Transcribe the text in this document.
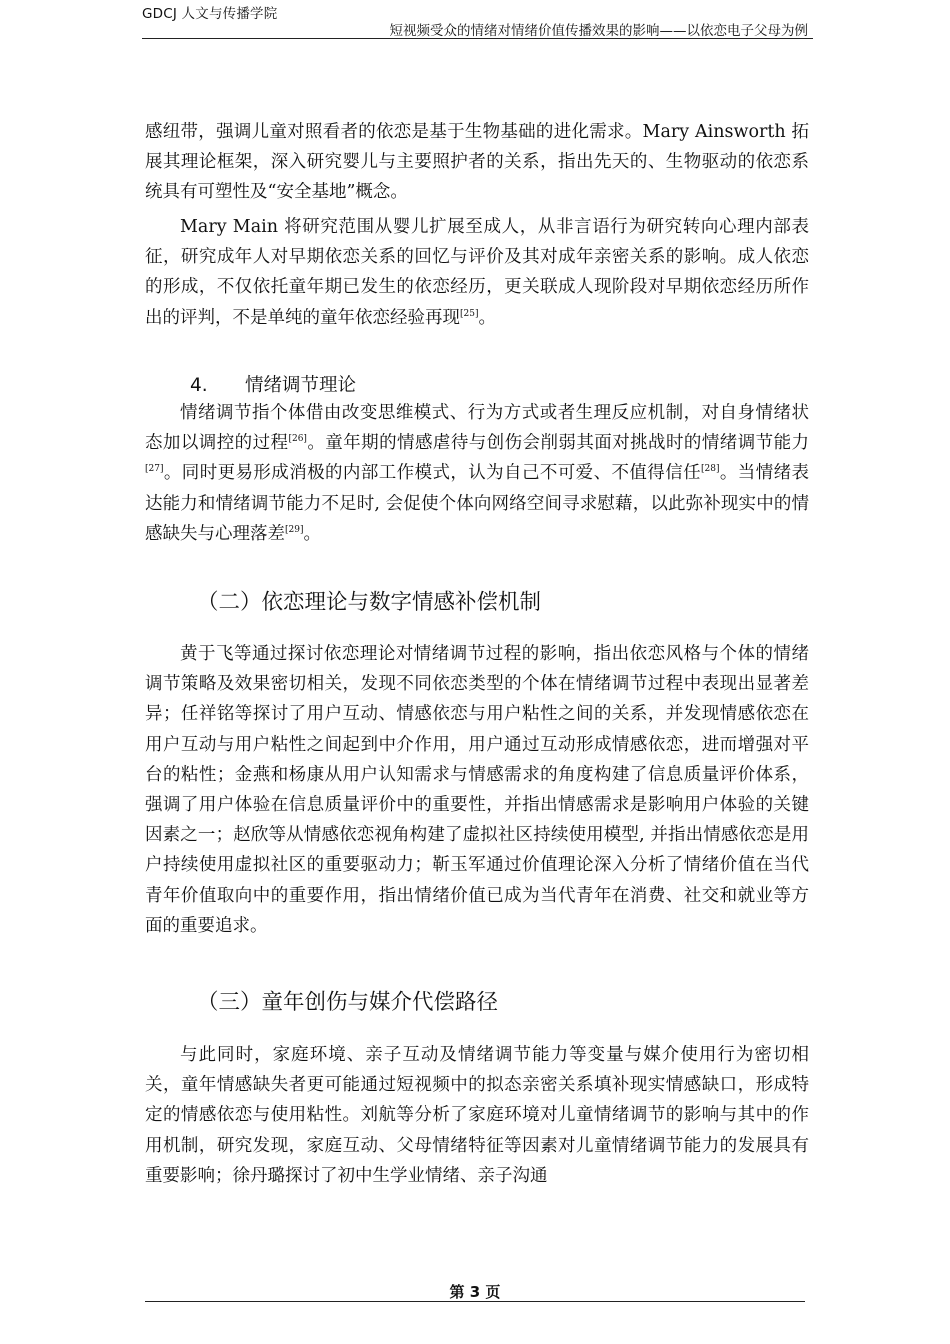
GDCJ 人文与传播学院
短视频受众的情绪对情绪价值传播效果的影响——以依恋电子父母为例

感纽带，强调儿童对照看者的依恋是基于生物基础的进化需求。Mary Ainsworth 拓展其理论框架，深入研究婴儿与主要照护者的关系，指出先天的、生物驱动的依恋系统具有可塑性及“安全基地”概念。

Mary Main 将研究范围从婴儿扩展至成人，从非言语行为研究转向心理内部表征，研究成年人对早期依恋关系的回忆与评价及其对成年亲密关系的影响。成人依恋的形成，不仅依托童年期已发生的依恋经历，更关联成人现阶段对早期依恋经历所作出的评判，不是单纯的童年依恋经验再现[25]。

4. 情绪调节理论

情绪调节指个体借由改变思维模式、行为方式或者生理反应机制，对自身情绪状态加以调控的过程[26]。童年期的情感虐待与创伤会削弱其面对挑战时的情绪调节能力[27]。同时更易形成消极的内部工作模式，认为自己不可爱、不值得信任[28]。当情绪表达能力和情绪调节能力不足时, 会促使个体向网络空间寻求慰藉，以此弥补现实中的情感缺失与心理落差[29]。

（二）依恋理论与数字情感补偿机制

黄于飞等通过探讨依恋理论对情绪调节过程的影响，指出依恋风格与个体的情绪调节策略及效果密切相关，发现不同依恋类型的个体在情绪调节过程中表现出显著差异；任祥铭等探讨了用户互动、情感依恋与用户粘性之间的关系，并发现情感依恋在用户互动与用户粘性之间起到中介作用，用户通过互动形成情感依恋，进而增强对平台的粘性；金燕和杨康从用户认知需求与情感需求的角度构建了信息质量评价体系，强调了用户体验在信息质量评价中的重要性，并指出情感需求是影响用户体验的关键因素之一；赵欣等从情感依恋视角构建了虚拟社区持续使用模型, 并指出情感依恋是用户持续使用虚拟社区的重要驱动力；靳玉军通过价值理论深入分析了情绪价值在当代青年价值取向中的重要作用，指出情绪价值已成为当代青年在消费、社交和就业等方面的重要追求。

（三）童年创伤与媒介代偿路径

与此同时，家庭环境、亲子互动及情绪调节能力等变量与媒介使用行为密切相关，童年情感缺失者更可能通过短视频中的拟态亲密关系填补现实情感缺口，形成特定的情感依恋与使用粘性。刘航等分析了家庭环境对儿童情绪调节的影响与其中的作用机制，研究发现，家庭互动、父母情绪特征等因素对儿童情绪调节能力的发展具有重要影响；徐丹璐探讨了初中生学业情绪、亲子沟通

第 3 页
